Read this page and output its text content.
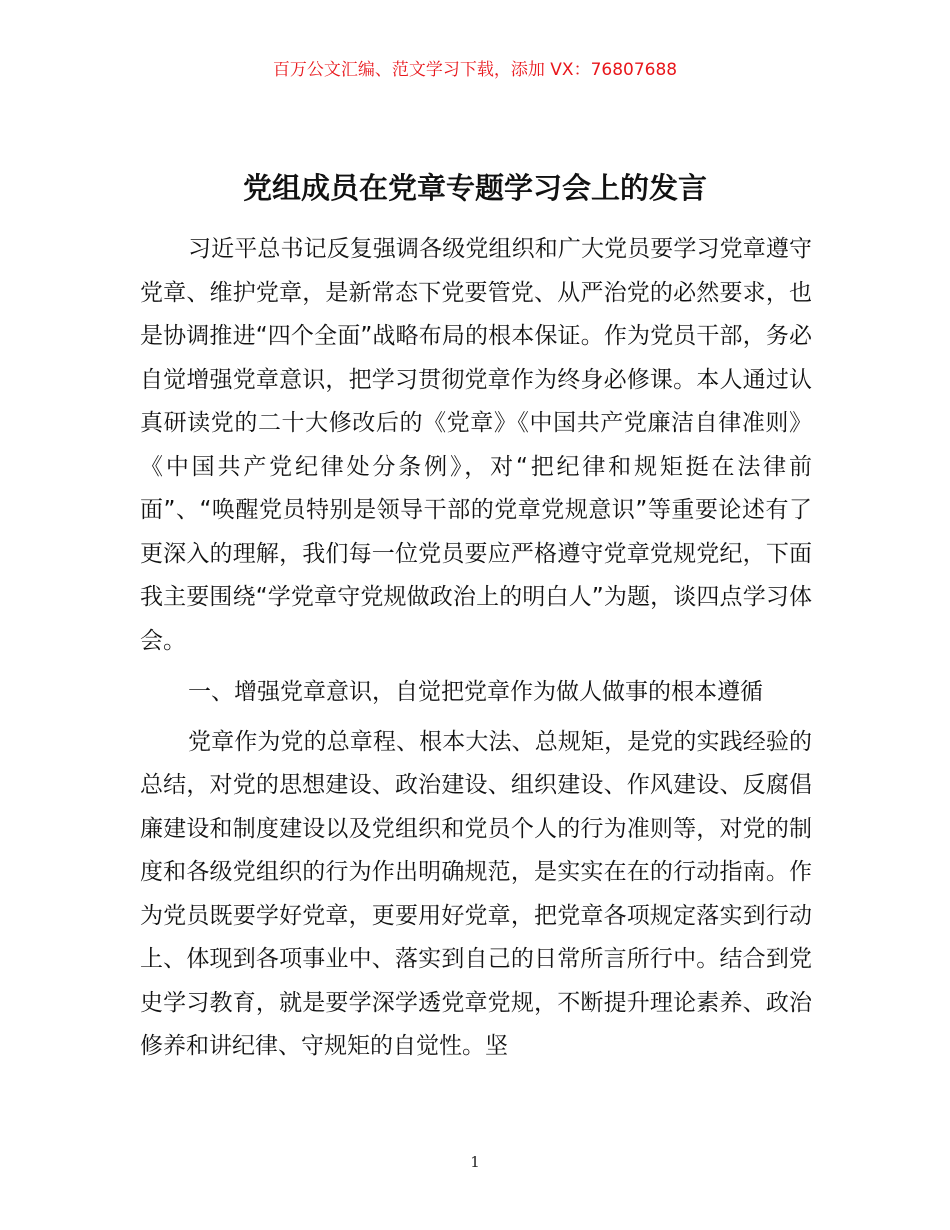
百万公文汇编、范文学习下载，添加 VX：76807688
党组成员在党章专题学习会上的发言

习近平总书记反复强调各级党组织和广大党员要学习党章遵守党章、维护党章，是新常态下党要管党、从严治党的必然要求，也是协调推进“四个全面”战略布局的根本保证。作为党员干部，务必自觉增强党章意识，把学习贯彻党章作为终身必修课。本人通过认真研读党的二十大修改后的《党章》《中国共产党廉洁自律准则》《中国共产党纪律处分条例》，对“把纪律和规矩挺在法律前面”、“唤醒党员特别是领导干部的党章党规意识”等重要论述有了更深入的理解，我们每一位党员要应严格遵守党章党规党纪，下面我主要围绕“学党章守党规做政治上的明白人”为题，谈四点学习体会。

一、增强党章意识，自觉把党章作为做人做事的根本遵循

党章作为党的总章程、根本大法、总规矩，是党的实践经验的总结，对党的思想建设、政治建设、组织建设、作风建设、反腐倡廉建设和制度建设以及党组织和党员个人的行为准则等，对党的制度和各级党组织的行为作出明确规范，是实实在在的行动指南。作为党员既要学好党章，更要用好党章，把党章各项规定落实到行动上、体现到各项事业中、落实到自己的日常所言所行中。结合到党史学习教育，就是要学深学透党章党规，不断提升理论素养、政治修养和讲纪律、守规矩的自觉性。坚

1
